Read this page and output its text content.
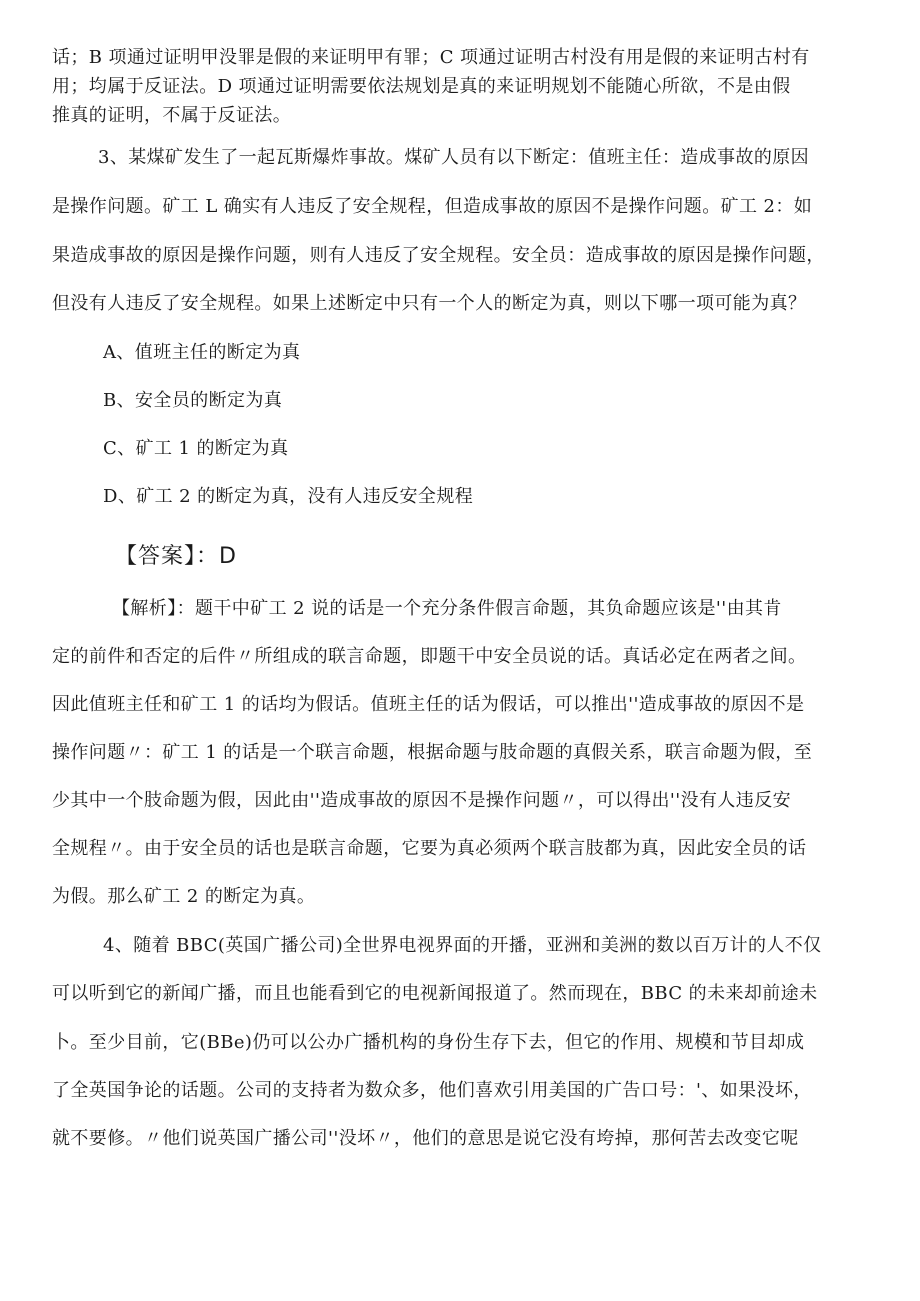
话；B 项通过证明甲没罪是假的来证明甲有罪；C 项通过证明古村没有用是假的来证明古村有

用；均属于反证法。D 项通过证明需要依法规划是真的来证明规划不能随心所欲，不是由假

推真的证明，不属于反证法。

3、某煤矿发生了一起瓦斯爆炸事故。煤矿人员有以下断定：值班主任：造成事故的原因

是操作问题。矿工 L 确实有人违反了安全规程，但造成事故的原因不是操作问题。矿工 2：如

果造成事故的原因是操作问题，则有人违反了安全规程。安全员：造成事故的原因是操作问题，

但没有人违反了安全规程。如果上述断定中只有一个人的断定为真，则以下哪一项可能为真？

A、值班主任的断定为真

B、安全员的断定为真

C、矿工 1 的断定为真

D、矿工 2 的断定为真，没有人违反安全规程

【答案】：D

【解析】：题干中矿工 2 说的话是一个充分条件假言命题，其负命题应该是''由其肯

定的前件和否定的后件〃所组成的联言命题，即题干中安全员说的话。真话必定在两者之间。

因此值班主任和矿工 1 的话均为假话。值班主任的话为假话，可以推出''造成事故的原因不是

操作问题〃：矿工 1 的话是一个联言命题，根据命题与肢命题的真假关系，联言命题为假，至

少其中一个肢命题为假，因此由''造成事故的原因不是操作问题〃，可以得出''没有人违反安

全规程〃。由于安全员的话也是联言命题，它要为真必须两个联言肢都为真，因此安全员的话

为假。那么矿工 2 的断定为真。

4、随着 BBC(英国广播公司)全世界电视界面的开播，亚洲和美洲的数以百万计的人不仅

可以听到它的新闻广播，而且也能看到它的电视新闻报道了。然而现在，BBC 的未来却前途未

卜。至少目前，它(BBe)仍可以公办广播机构的身份生存下去，但它的作用、规模和节目却成

了全英国争论的话题。公司的支持者为数众多，他们喜欢引用美国的广告口号：'、如果没坏，

就不要修。〃他们说英国广播公司''没坏〃，他们的意思是说它没有垮掉，那何苦去改变它呢
